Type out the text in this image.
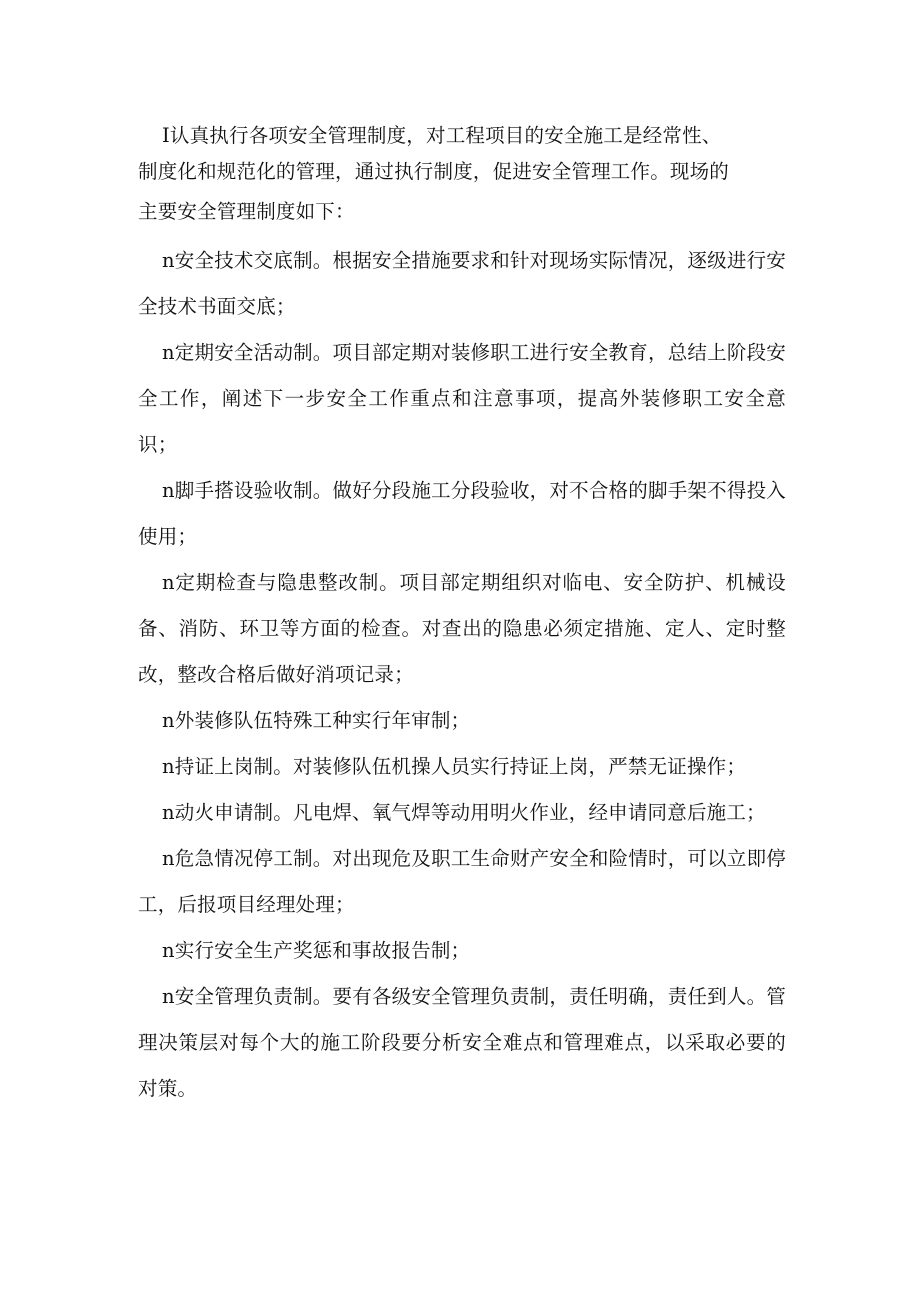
I认真执行各项安全管理制度，对工程项目的安全施工是经常性、
制度化和规范化的管理，通过执行制度，促进安全管理工作。现场的
主要安全管理制度如下：

n安全技术交底制。根据安全措施要求和针对现场实际情况，逐级进行安全技术书面交底；

n定期安全活动制。项目部定期对装修职工进行安全教育，总结上阶段安全工作，阐述下一步安全工作重点和注意事项，提高外装修职工安全意识；

n脚手搭设验收制。做好分段施工分段验收，对不合格的脚手架不得投入使用；

n定期检查与隐患整改制。项目部定期组织对临电、安全防护、机械设备、消防、环卫等方面的检查。对查出的隐患必须定措施、定人、定时整改，整改合格后做好消项记录；

n外装修队伍特殊工种实行年审制；

n持证上岗制。对装修队伍机操人员实行持证上岗，严禁无证操作；

n动火申请制。凡电焊、氧气焊等动用明火作业，经申请同意后施工；

n危急情况停工制。对出现危及职工生命财产安全和险情时，可以立即停工，后报项目经理处理；

n实行安全生产奖惩和事故报告制；

n安全管理负责制。要有各级安全管理负责制，责任明确，责任到人。管理决策层对每个大的施工阶段要分析安全难点和管理难点，以采取必要的对策。
